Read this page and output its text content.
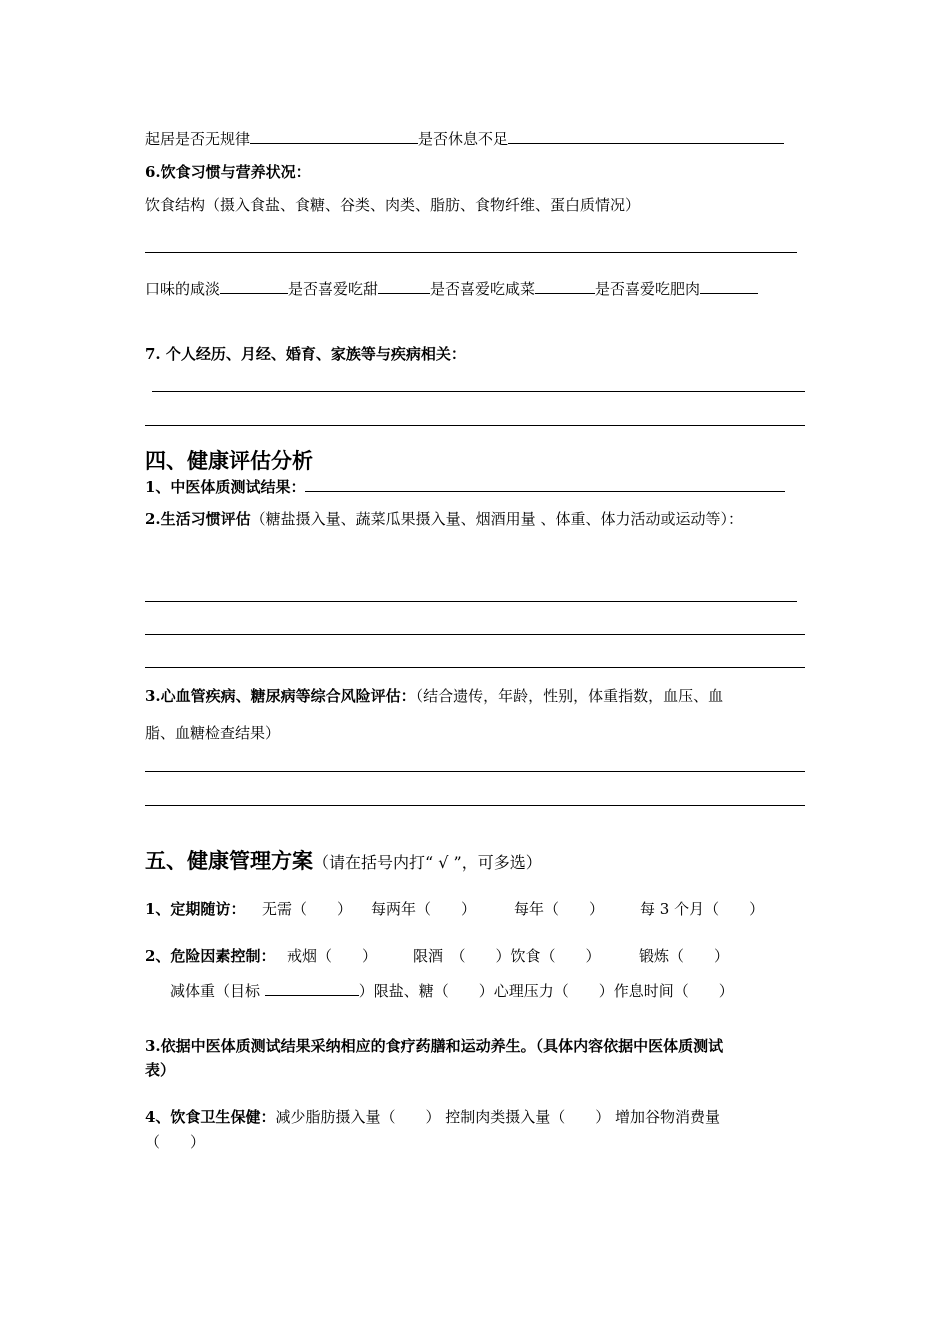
起居是否无规律	是否休息不足
6.饮食习惯与营养状况：
饮食结构（摄入食盐、食糖、谷类、肉类、脂肪、食物纤维、蛋白质情况）
口味的咸淡	是否喜爱吃甜	是否喜爱吃咸菜	是否喜爱吃肥肉
7. 个人经历、月经、婚育、家族等与疾病相关：
四、健康评估分析
1、中医体质测试结果：
2.生活习惯评估（糖盐摄入量、蔬菜瓜果摄入量、烟酒用量 、体重、体力活动或运动等）：
3.心血管疾病、糖尿病等综合风险评估：（结合遗传，年龄，性别，体重指数，血压、血
脂、血糖检查结果）
五、健康管理方案（请在括号内打“ √ ”，可多选）
1、定期随访： 无需（　　） 每两年（　　）	每年（　　） 每 3 个月（　　）
2、危险因素控制： 戒烟（　　） 限酒　（　　）饮食（　　）	锻炼（　　）
减体重（目标	）限盐、糖（　　）心理压力（　　）作息时间（　　）
3.依据中医体质测试结果采纳相应的食疗药膳和运动养生。（具体内容依据中医体质测试
表）
4、饮食卫生保健：减少脂肪摄入量（　　） 控制肉类摄入量（　　） 增加谷物消费量
（　　）
